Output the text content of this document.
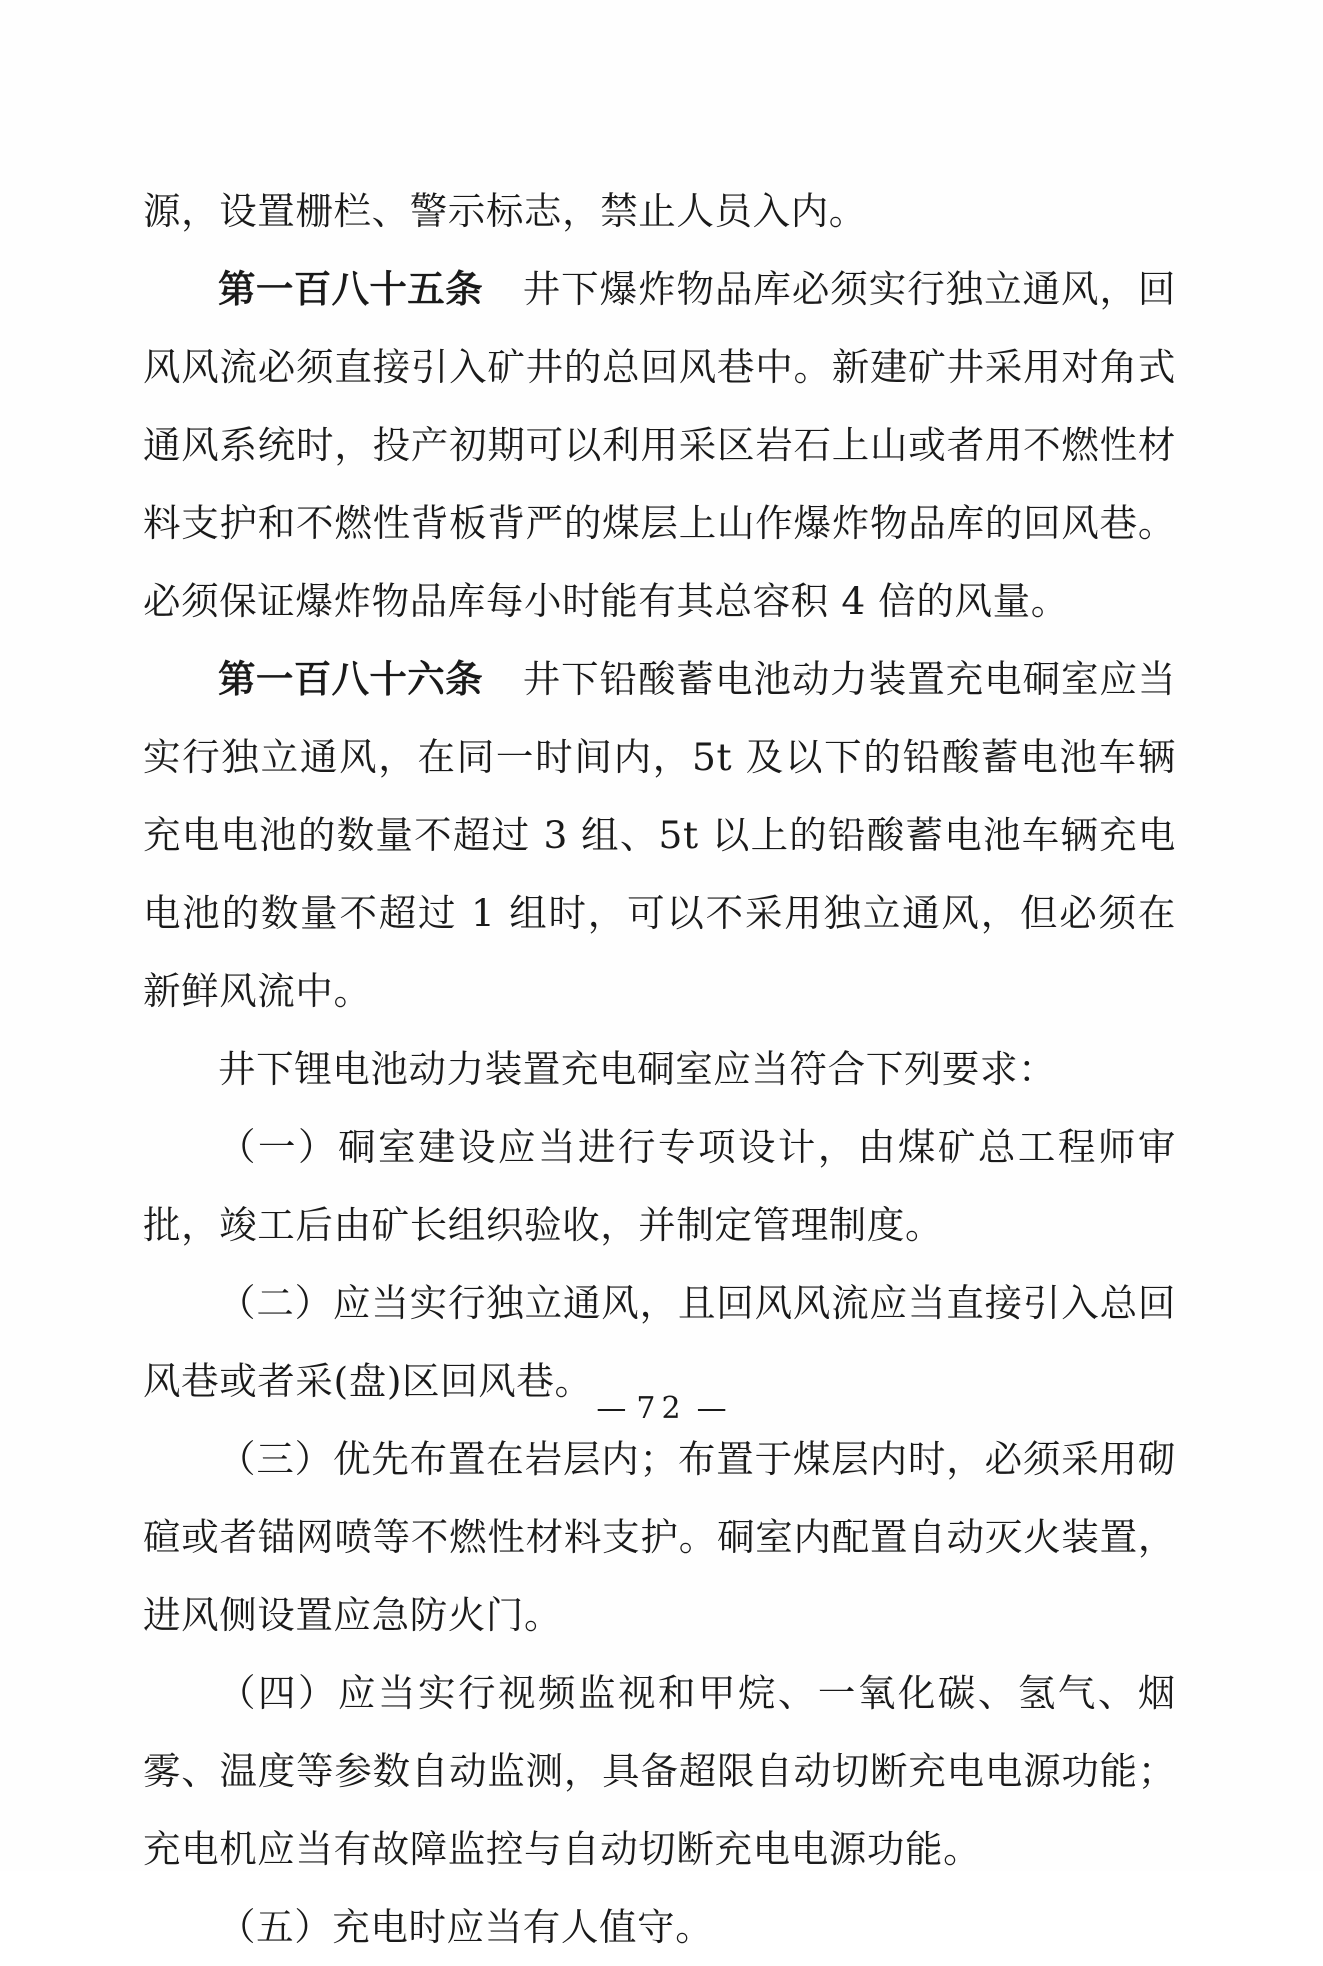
源，设置栅栏、警示标志，禁止人员入内。

第一百八十五条 井下爆炸物品库必须实行独立通风，回风风流必须直接引入矿井的总回风巷中。新建矿井采用对角式通风系统时，投产初期可以利用采区岩石上山或者用不燃性材料支护和不燃性背板背严的煤层上山作爆炸物品库的回风巷。必须保证爆炸物品库每小时能有其总容积 4 倍的风量。

第一百八十六条 井下铅酸蓄电池动力装置充电硐室应当实行独立通风，在同一时间内，5t 及以下的铅酸蓄电池车辆充电电池的数量不超过 3 组、5t 以上的铅酸蓄电池车辆充电电池的数量不超过 1 组时，可以不采用独立通风，但必须在新鲜风流中。

井下锂电池动力装置充电硐室应当符合下列要求：

（一）硐室建设应当进行专项设计，由煤矿总工程师审批，竣工后由矿长组织验收，并制定管理制度。

（二）应当实行独立通风，且回风风流应当直接引入总回风巷或者采(盘)区回风巷。

（三）优先布置在岩层内；布置于煤层内时，必须采用砌碹或者锚网喷等不燃性材料支护。硐室内配置自动灭火装置，进风侧设置应急防火门。

（四）应当实行视频监视和甲烷、一氧化碳、氢气、烟雾、温度等参数自动监测，具备超限自动切断充电电源功能；充电机应当有故障监控与自动切断充电电源功能。

（五）充电时应当有人值守。

— 72 —
